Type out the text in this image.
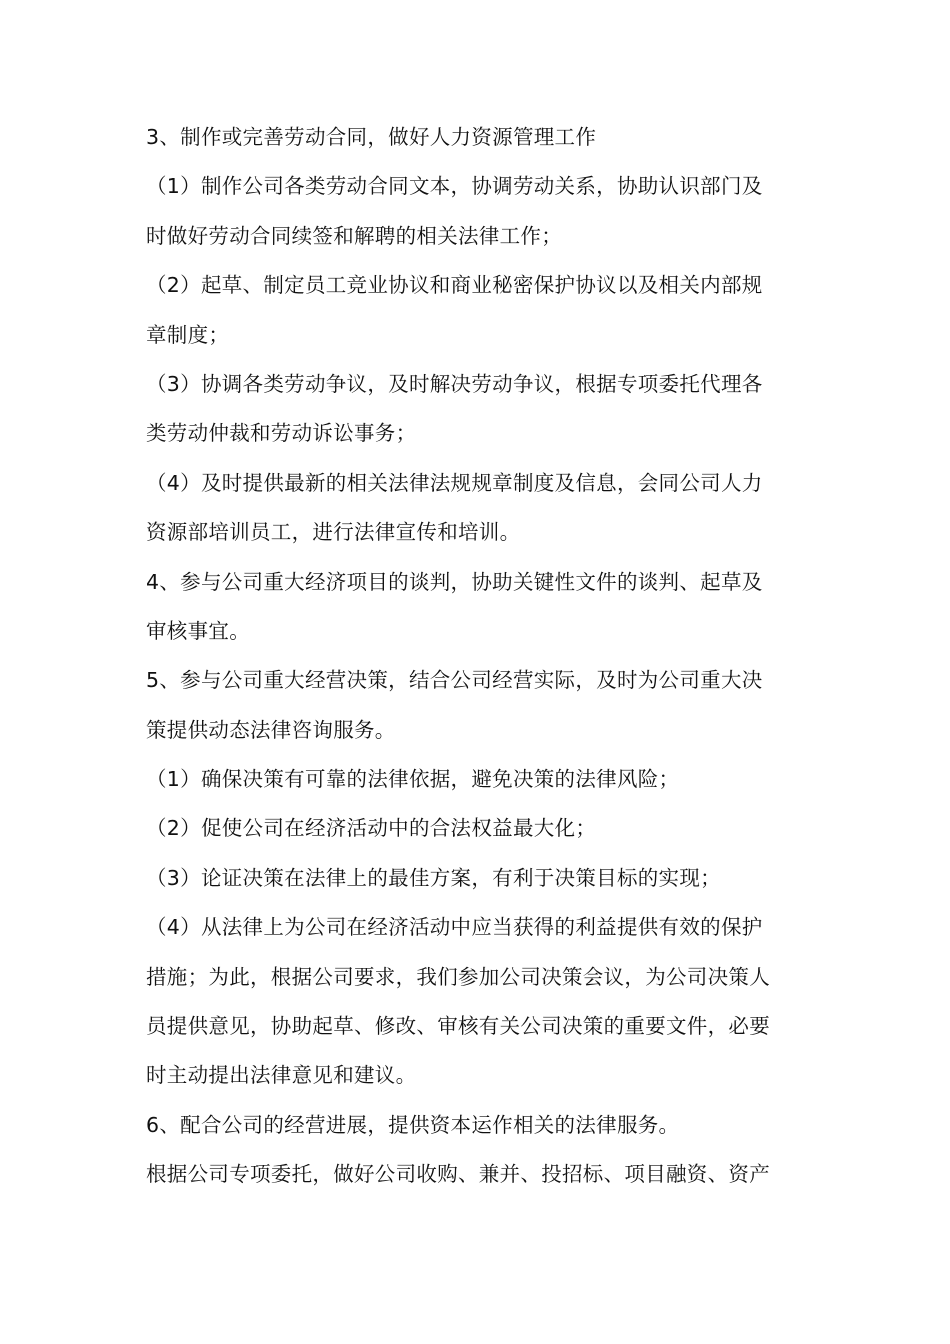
3、制作或完善劳动合同，做好人力资源管理工作
（1）制作公司各类劳动合同文本，协调劳动关系，协助认识部门及
时做好劳动合同续签和解聘的相关法律工作；
（2）起草、制定员工竞业协议和商业秘密保护协议以及相关内部规
章制度；
（3）协调各类劳动争议，及时解决劳动争议，根据专项委托代理各
类劳动仲裁和劳动诉讼事务；
（4）及时提供最新的相关法律法规规章制度及信息，会同公司人力
资源部培训员工，进行法律宣传和培训。
4、参与公司重大经济项目的谈判，协助关键性文件的谈判、起草及
审核事宜。
5、参与公司重大经营决策，结合公司经营实际，及时为公司重大决
策提供动态法律咨询服务。
（1）确保决策有可靠的法律依据，避免决策的法律风险；
（2）促使公司在经济活动中的合法权益最大化；
（3）论证决策在法律上的最佳方案，有利于决策目标的实现；
（4）从法律上为公司在经济活动中应当获得的利益提供有效的保护
措施；为此，根据公司要求，我们参加公司决策会议，为公司决策人
员提供意见，协助起草、修改、审核有关公司决策的重要文件，必要
时主动提出法律意见和建议。
6、配合公司的经营进展，提供资本运作相关的法律服务。
根据公司专项委托，做好公司收购、兼并、投招标、项目融资、资产
